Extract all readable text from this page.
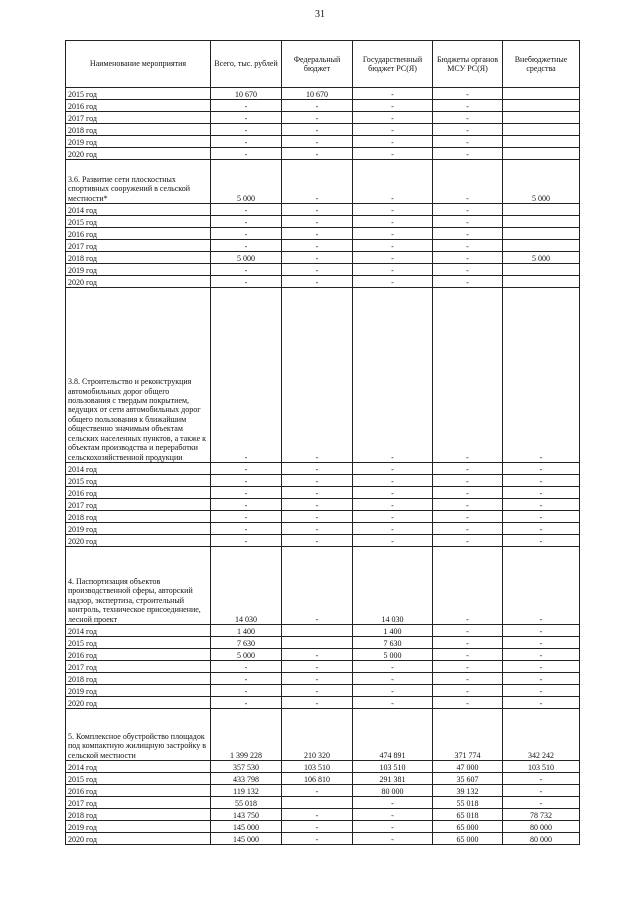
31
Наименование мероприятия	Всего, тыс. рублей	Федеральный бюджет	Государственный бюджет РС(Я)	Бюджеты органов МСУ РС(Я)	Внебюджетные средства
2015 год	10 670	10 670	-	-	
2016 год	-	-	-	-	
2017 год	-	-	-	-	
2018 год	-	-	-	-	
2019 год	-	-	-	-	
2020 год	-	-	-	-	
3.6. Развитие сети плоскостных спортивных сооружений в сельской местности*	5 000	-	-	-	5 000
2014 год	-	-	-	-	
2015 год	-	-	-	-	
2016 год	-	-	-	-	
2017 год	-	-	-	-	
2018 год	5 000	-	-	-	5 000
2019 год	-	-	-	-	
2020 год	-	-	-	-	
3.8. Строительство и реконструкция автомобильных дорог общего пользования с твердым покрытием, ведущих от сети автомобильных дорог общего пользования к ближайшим общественно значимым объектам сельских населенных пунктов, а также к объектам производства и переработки сельскохозяйственной продукции	-	-	-	-	-
2014 год	-	-	-	-	-
2015 год	-	-	-	-	-
2016 год	-	-	-	-	-
2017 год	-	-	-	-	-
2018 год	-	-	-	-	-
2019 год	-	-	-	-	-
2020 год	-	-	-	-	-
4. Паспортизация объектов производственной сферы, авторский надзор, экспертиза, строительный контроль, техническое присоединение, лесной проект	14 030	-	14 030	-	-
2014 год	1 400		1 400	-	-
2015 год	7 630		7 630	-	-
2016 год	5 000	-	5 000	-	-
2017 год	-	-	-	-	-
2018 год	-	-	-	-	-
2019 год	-	-	-	-	-
2020 год	-	-	-	-	-
5. Комплексное обустройство площадок под компактную жилищную застройку в сельской местности	1 399 228	210 320	474 891	371 774	342 242
2014 год	357 530	103 510	103 510	47 000	103 510
2015 год	433 798	106 810	291 381	35 607	-
2016 год	119 132	-	80 000	39 132	-
2017 год	55 018		-	55 018	-
2018 год	143 750	-	-	65 018	78 732
2019 год	145 000	-	-	65 000	80 000
2020 год	145 000	-	-	65 000	80 000
